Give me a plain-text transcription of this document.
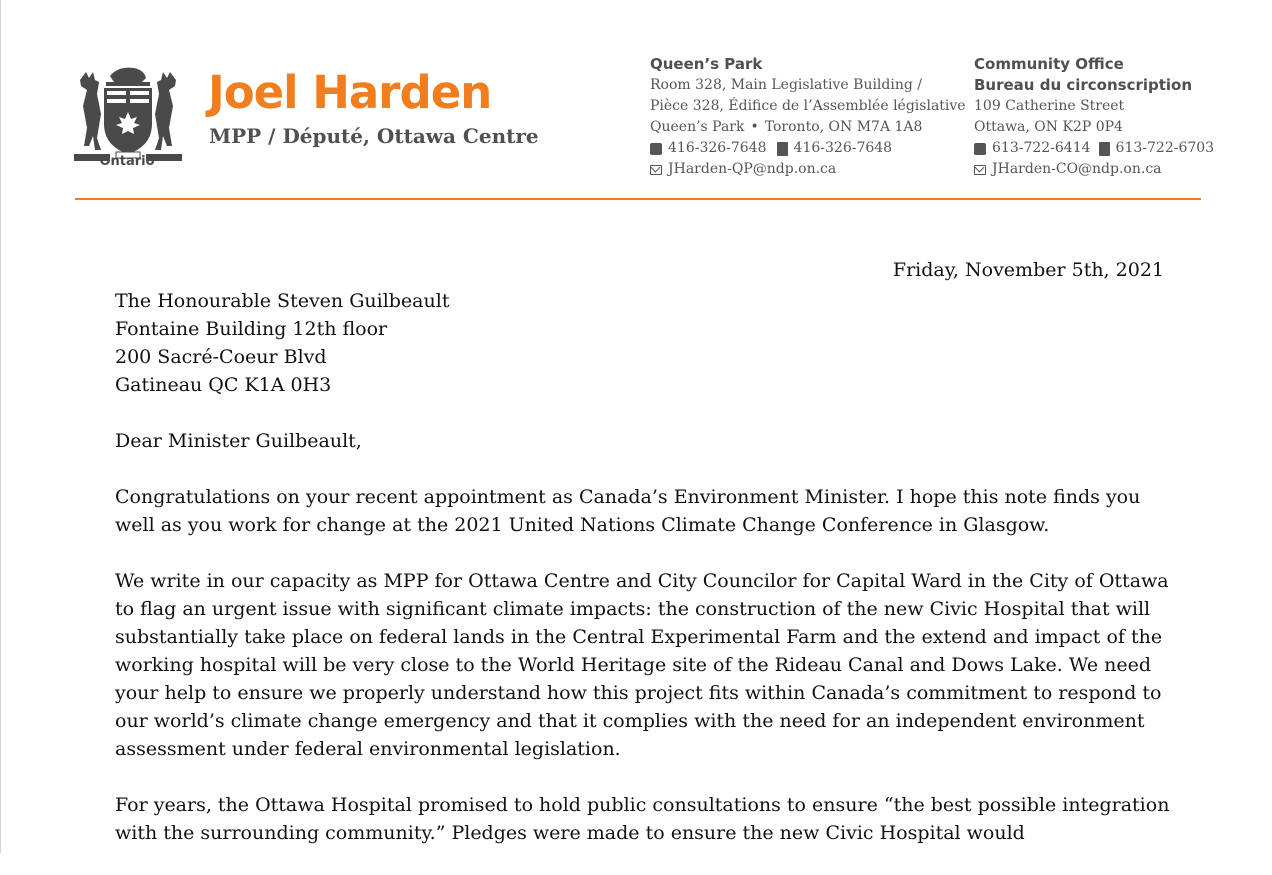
Ontario
Joel Harden
MPP / Député, Ottawa Centre
Queen’s Park
Room 328, Main Legislative Building /
Pièce 328, Édifice de l’Assemblée législative
Queen’s Park • Toronto, ON M7A 1A8
416-326-7648 416-326-7648
JHarden-QP@ndp.on.ca
Community Office
Bureau du circonscription
109 Catherine Street
Ottawa, ON K2P 0P4
613-722-6414 613-722-6703
JHarden-CO@ndp.on.ca
Friday, November 5th, 2021
The Honourable Steven Guilbeault
Fontaine Building 12th floor
200 Sacré-Coeur Blvd
Gatineau QC K1A 0H3

Dear Minister Guilbeault,

Congratulations on your recent appointment as Canada’s Environment Minister. I hope this note finds you well as you work for change at the 2021 United Nations Climate Change Conference in Glasgow.

We write in our capacity as MPP for Ottawa Centre and City Councilor for Capital Ward in the City of Ottawa to flag an urgent issue with significant climate impacts: the construction of the new Civic Hospital that will substantially take place on federal lands in the Central Experimental Farm and the extend and impact of the working hospital will be very close to the World Heritage site of the Rideau Canal and Dows Lake. We need your help to ensure we properly understand how this project fits within Canada’s commitment to respond to our world’s climate change emergency and that it complies with the need for an independent environment assessment under federal environmental legislation.

For years, the Ottawa Hospital promised to hold public consultations to ensure “the best possible integration with the surrounding community.” Pledges were made to ensure the new Civic Hospital would
